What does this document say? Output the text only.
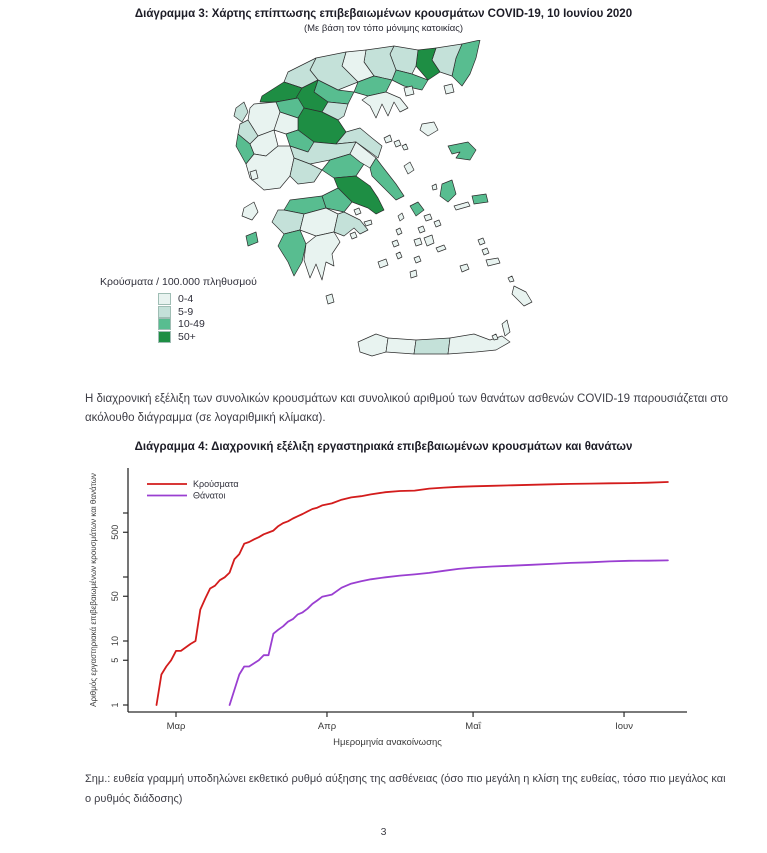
Διάγραμμα 3: Χάρτης επίπτωσης επιβεβαιωμένων κρουσμάτων COVID-19, 10 Ιουνίου 2020
(Με βάση τον τόπο μόνιμης κατοικίας)
Κρούσματα / 100.000 πληθυσμού
0-4
5-9
10-49
50+
Η διαχρονική εξέλιξη των συνολικών κρουσμάτων και συνολικού αριθμού των θανάτων ασθενών COVID-19 παρουσιάζεται στο ακόλουθο διάγραμμα (σε λογαριθμική κλίμακα).
Διάγραμμα 4: Διαχρονική εξέλιξη εργαστηριακά επιβεβαιωμένων κρουσμάτων και θανάτων
Μαρ	Απρ	Μαΐ	Ιουν
1
5
10
50
500
Ημερομηνία ανακοίνωσης
Αριθμός εργαστηριακά επιβεβαιωμένων κρουσμάτων και θανάτων	Κρούσματα
Θάνατοι
Σημ.: ευθεία γραμμή υποδηλώνει εκθετικό ρυθμό αύξησης της ασθένειας (όσο πιο μεγάλη η κλίση της ευθείας, τόσο πιο μεγάλος και ο ρυθμός διάδοσης)
3
